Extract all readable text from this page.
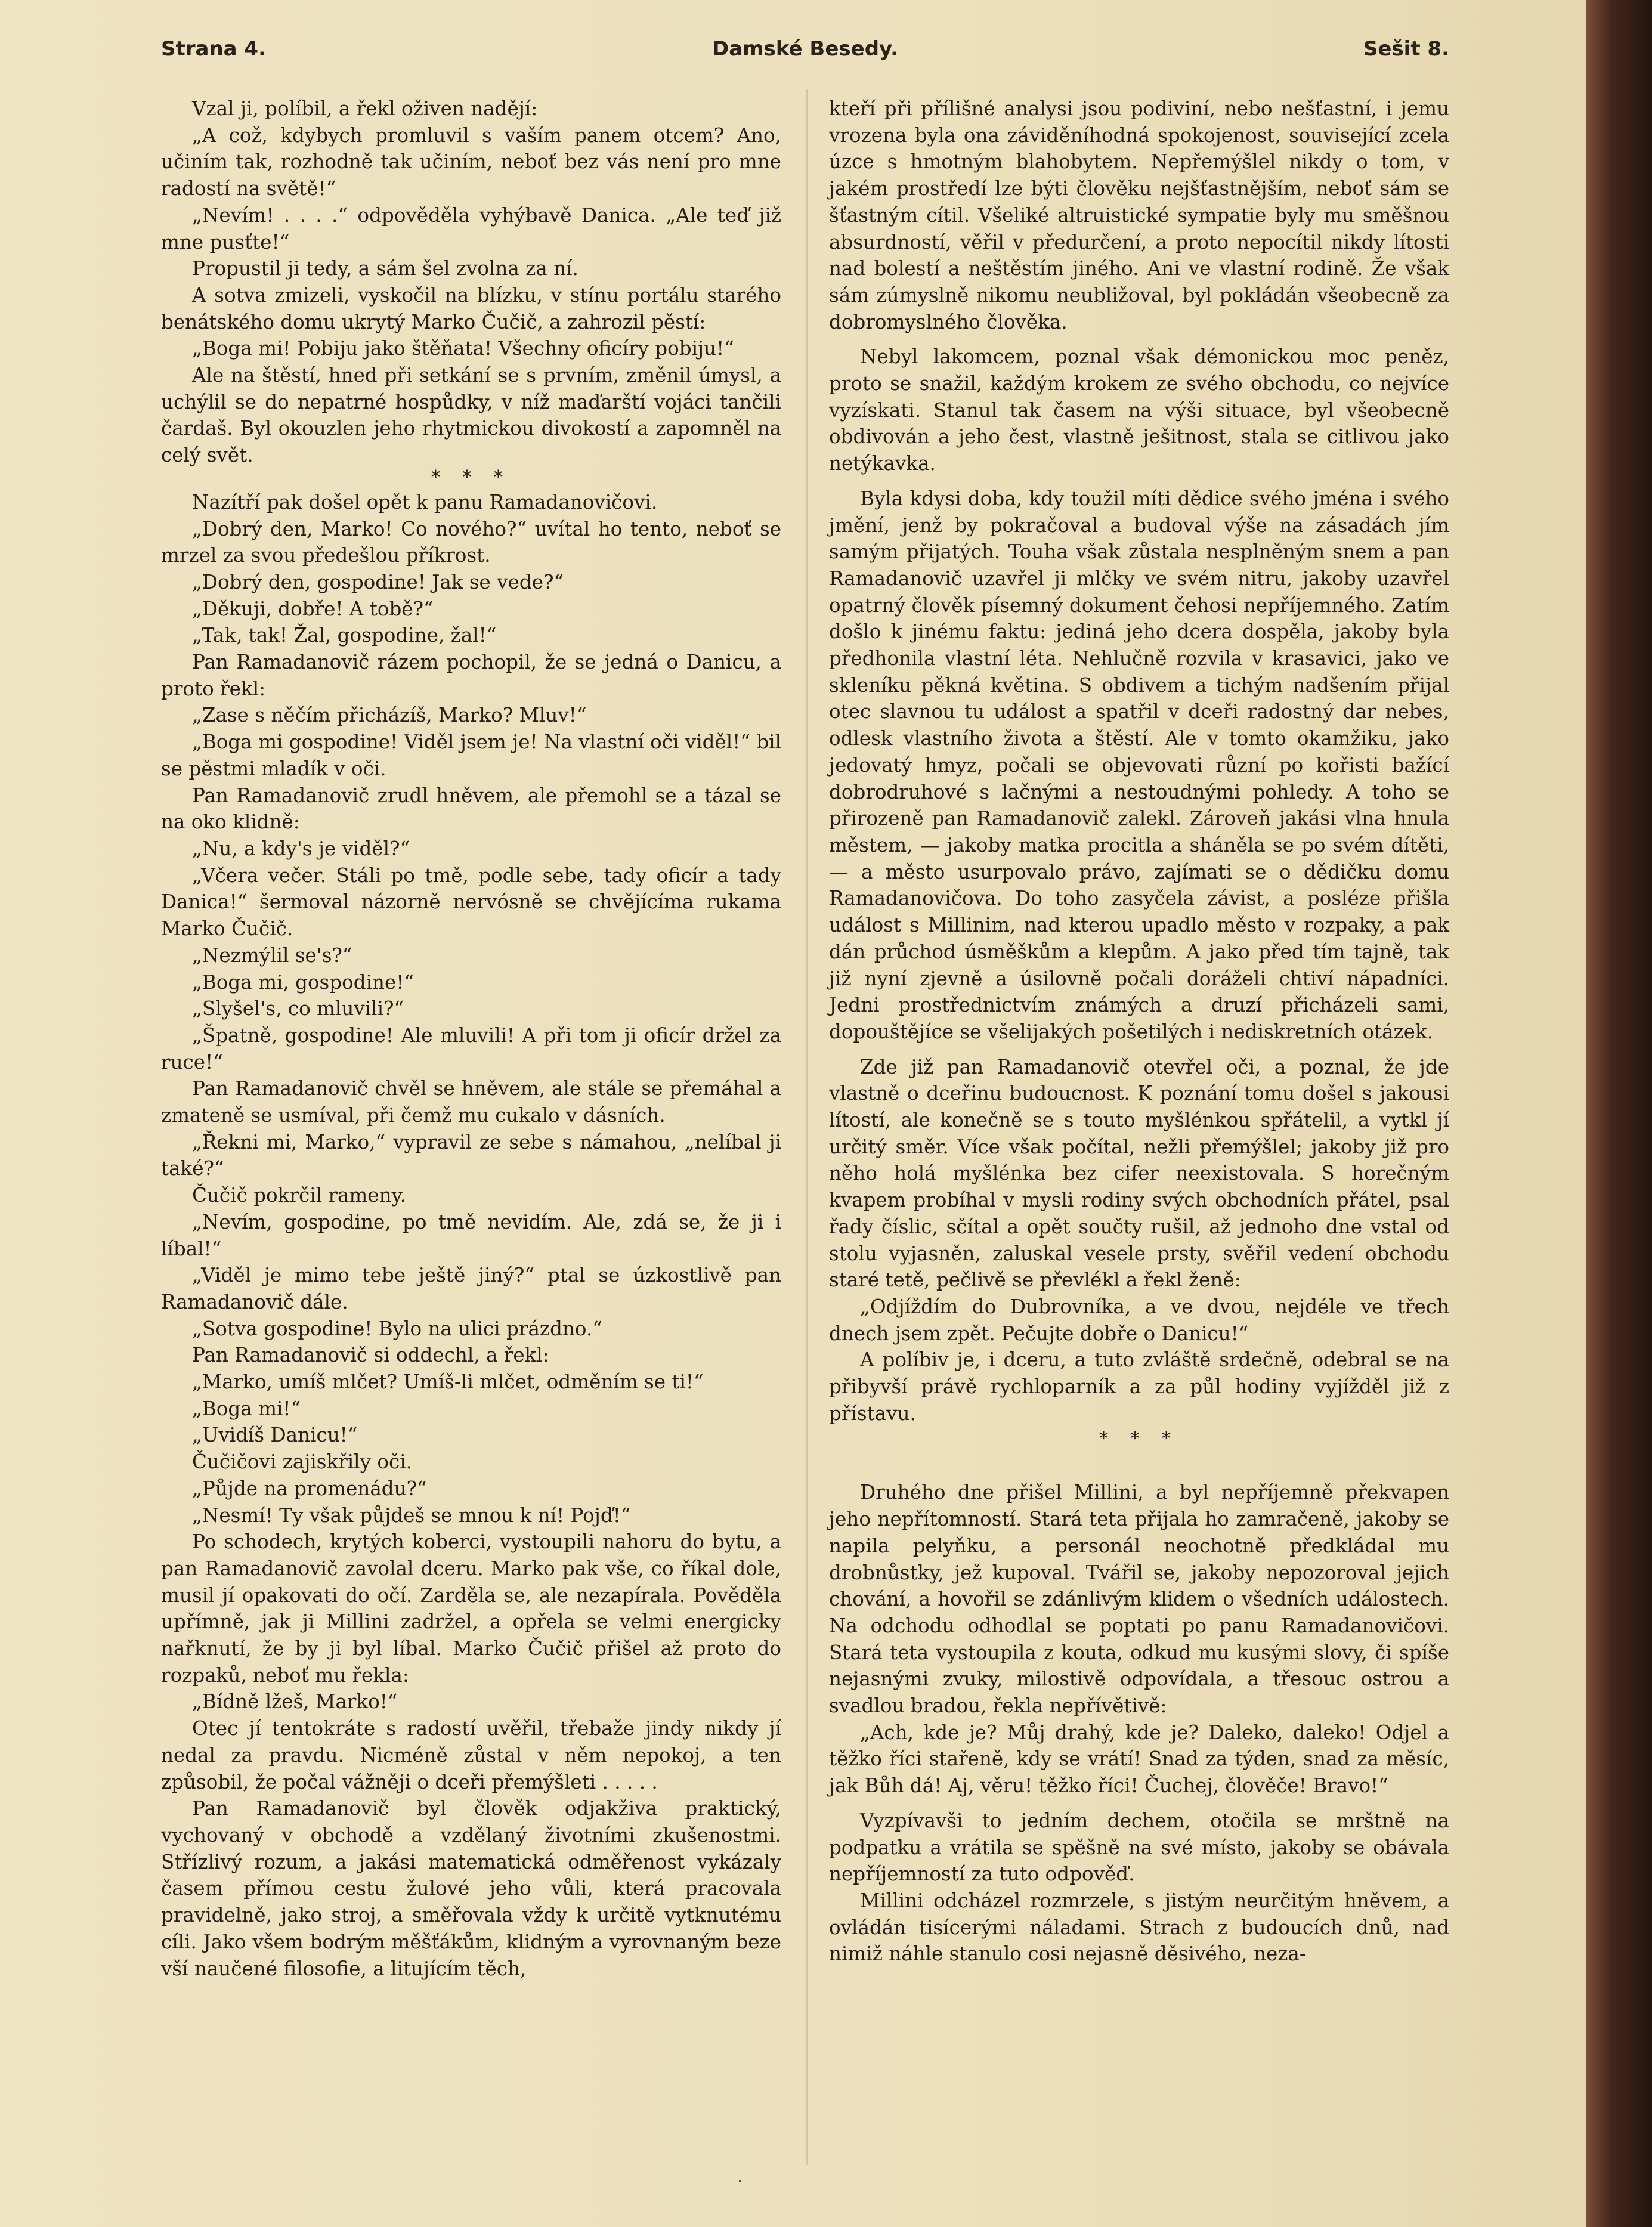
Strana 4.	Damské Besedy.	Sešit 8.

Vzal ji, políbil, a řekl oživen nadějí:

„A což, kdybych promluvil s vaším panem otcem? Ano, učiním tak, rozhodně tak učiním, neboť bez vás není pro mne radostí na světě!“

„Nevím! . . . .“ odpověděla vyhýbavě Danica. „Ale teď již mne pusťte!“

Propustil ji tedy, a sám šel zvolna za ní.

A sotva zmizeli, vyskočil na blízku, v stínu portálu starého benátského domu ukrytý Marko Čučič, a zahrozil pěstí:

„Boga mi! Pobiju jako štěňata! Všechny oficíry pobiju!“

Ale na štěstí, hned při setkání se s prvním, změnil úmysl, a uchýlil se do nepatrné hospůdky, v níž maďarští vojáci tančili čardaš. Byl okouzlen jeho rhytmickou divokostí a zapomněl na celý svět.

* * *

Nazítří pak došel opět k panu Ramadanovičovi.

„Dobrý den, Marko! Co nového?“ uvítal ho tento, neboť se mrzel za svou předešlou příkrost.

„Dobrý den, gospodine! Jak se vede?“

„Děkuji, dobře! A tobě?“

„Tak, tak! Žal, gospodine, žal!“

Pan Ramadanovič rázem pochopil, že se jedná o Danicu, a proto řekl:

„Zase s něčím přicházíš, Marko? Mluv!“

„Boga mi gospodine! Viděl jsem je! Na vlastní oči viděl!“ bil se pěstmi mladík v oči.

Pan Ramadanovič zrudl hněvem, ale přemohl se a tázal se na oko klidně:

„Nu, a kdy's je viděl?“

„Včera večer. Stáli po tmě, podle sebe, tady oficír a tady Danica!“ šermoval názorně nervósně se chvějícíma rukama Marko Čučič.

„Nezmýlil se's?“

„Boga mi, gospodine!“

„Slyšel's, co mluvili?“

„Špatně, gospodine! Ale mluvili! A při tom ji oficír držel za ruce!“

Pan Ramadanovič chvěl se hněvem, ale stále se přemáhal a zmateně se usmíval, při čemž mu cukalo v dásních.

„Řekni mi, Marko,“ vypravil ze sebe s námahou, „nelíbal ji také?“

Čučič pokrčil rameny.

„Nevím, gospodine, po tmě nevidím. Ale, zdá se, že ji i líbal!“

„Viděl je mimo tebe ještě jiný?“ ptal se úzkostlivě pan Ramadanovič dále.

„Sotva gospodine! Bylo na ulici prázdno.“

Pan Ramadanovič si oddechl, a řekl:

„Marko, umíš mlčet? Umíš-li mlčet, odměním se ti!“

„Boga mi!“

„Uvidíš Danicu!“

Čučičovi zajiskřily oči.

„Půjde na promenádu?“

„Nesmí! Ty však půjdeš se mnou k ní! Pojď!“

Po schodech, krytých koberci, vystoupili nahoru do bytu, a pan Ramadanovič zavolal dceru. Marko pak vše, co říkal dole, musil jí opakovati do očí. Zarděla se, ale nezapírala. Pověděla upřímně, jak ji Millini zadržel, a opřela se velmi energicky nařknutí, že by ji byl líbal. Marko Čučič přišel až proto do rozpaků, neboť mu řekla:

„Bídně lžeš, Marko!“

Otec jí tentokráte s radostí uvěřil, třebaže jindy nikdy jí nedal za pravdu. Nicméně zůstal v něm nepokoj, a ten způsobil, že počal vážněji o dceři přemýšleti . . . . .

Pan Ramadanovič byl člověk odjakživa praktický, vychovaný v obchodě a vzdělaný životními zkušenostmi. Střízlivý rozum, a jakási matematická odměřenost vykázaly časem přímou cestu žulové jeho vůli, která pracovala pravidelně, jako stroj, a směřovala vždy k určitě vytknutému cíli. Jako všem bodrým měšťákům, klidným a vyrovnaným beze vší naučené filosofie, a litujícím těch,

kteří při přílišné analysi jsou podiviní, nebo nešťastní, i jemu vrozena byla ona záviděníhodná spokojenost, související zcela úzce s hmotným blahobytem. Nepřemýšlel nikdy o tom, v jakém prostředí lze býti člověku nejšťastnějším, neboť sám se šťastným cítil. Všeliké altruistické sympatie byly mu směšnou absurdností, věřil v předurčení, a proto nepocítil nikdy lítosti nad bolestí a neštěstím jiného. Ani ve vlastní rodině. Že však sám zúmyslně nikomu neubližoval, byl pokládán všeobecně za dobromyslného člověka.

Nebyl lakomcem, poznal však démonickou moc peněz, proto se snažil, každým krokem ze svého obchodu, co nejvíce vyzískati. Stanul tak časem na výši situace, byl všeobecně obdivován a jeho čest, vlastně ješitnost, stala se citlivou jako netýkavka.

Byla kdysi doba, kdy toužil míti dědice svého jména i svého jmění, jenž by pokračoval a budoval výše na zásadách jím samým přijatých. Touha však zůstala nesplněným snem a pan Ramadanovič uzavřel ji mlčky ve svém nitru, jakoby uzavřel opatrný člověk písemný dokument čehosi nepříjemného. Zatím došlo k jinému faktu: jediná jeho dcera dospěla, jakoby byla předhonila vlastní léta. Nehlučně rozvila v krasavici, jako ve skleníku pěkná květina. S obdivem a tichým nadšením přijal otec slavnou tu událost a spatřil v dceři radostný dar nebes, odlesk vlastního života a štěstí. Ale v tomto okamžiku, jako jedovatý hmyz, počali se objevovati různí po kořisti bažící dobrodruhové s lačnými a nestoudnými pohledy. A toho se přirozeně pan Ramadanovič zalekl. Zároveň jakási vlna hnula městem, — jakoby matka procitla a sháněla se po svém dítěti, — a město usurpovalo právo, zajímati se o dědičku domu Ramadanovičova. Do toho zasyčela závist, a posléze přišla událost s Millinim, nad kterou upadlo město v rozpaky, a pak dán průchod úsměškům a klepům. A jako před tím tajně, tak již nyní zjevně a úsilovně počali doráželi chtiví nápadníci. Jedni prostřednictvím známých a druzí přicházeli sami, dopouštějíce se všelijakých pošetilých i nediskretních otázek.

Zde již pan Ramadanovič otevřel oči, a poznal, že jde vlastně o dceřinu budoucnost. K poznání tomu došel s jakousi lítostí, ale konečně se s touto myšlénkou spřátelil, a vytkl jí určitý směr. Více však počítal, nežli přemýšlel; jakoby již pro něho holá myšlénka bez cifer neexistovala. S horečným kvapem probíhal v mysli rodiny svých obchodních přátel, psal řady číslic, sčítal a opět součty rušil, až jednoho dne vstal od stolu vyjasněn, zaluskal vesele prsty, svěřil vedení obchodu staré tetě, pečlivě se převlékl a řekl ženě:

„Odjíždím do Dubrovníka, a ve dvou, nejdéle ve třech dnech jsem zpět. Pečujte dobře o Danicu!“

A políbiv je, i dceru, a tuto zvláště srdečně, odebral se na přibyvší právě rychloparník a za půl hodiny vyjížděl již z přístavu.

* * *

Druhého dne přišel Millini, a byl nepříjemně překvapen jeho nepřítomností. Stará teta přijala ho zamračeně, jakoby se napila pelyňku, a personál neochotně předkládal mu drobnůstky, jež kupoval. Tvářil se, jakoby nepozoroval jejich chování, a hovořil se zdánlivým klidem o všedních událostech. Na odchodu odhodlal se poptati po panu Ramadanovičovi. Stará teta vystoupila z kouta, odkud mu kusými slovy, či spíše nejasnými zvuky, milostivě odpovídala, a třesouc ostrou a svadlou bradou, řekla nepřívětivě:

„Ach, kde je? Můj drahý, kde je? Daleko, daleko! Odjel a těžko říci stařeně, kdy se vrátí! Snad za týden, snad za měsíc, jak Bůh dá! Aj, věru! těžko říci! Čuchej, člověče! Bravo!“

Vyzpívavši to jedním dechem, otočila se mrštně na podpatku a vrátila se spěšně na své místo, jakoby se obávala nepříjemností za tuto odpověď.

Millini odcházel rozmrzele, s jistým neurčitým hněvem, a ovládán tisícerými náladami. Strach z budoucích dnů, nad nimiž náhle stanulo cosi nejasně děsivého, neza-

.
